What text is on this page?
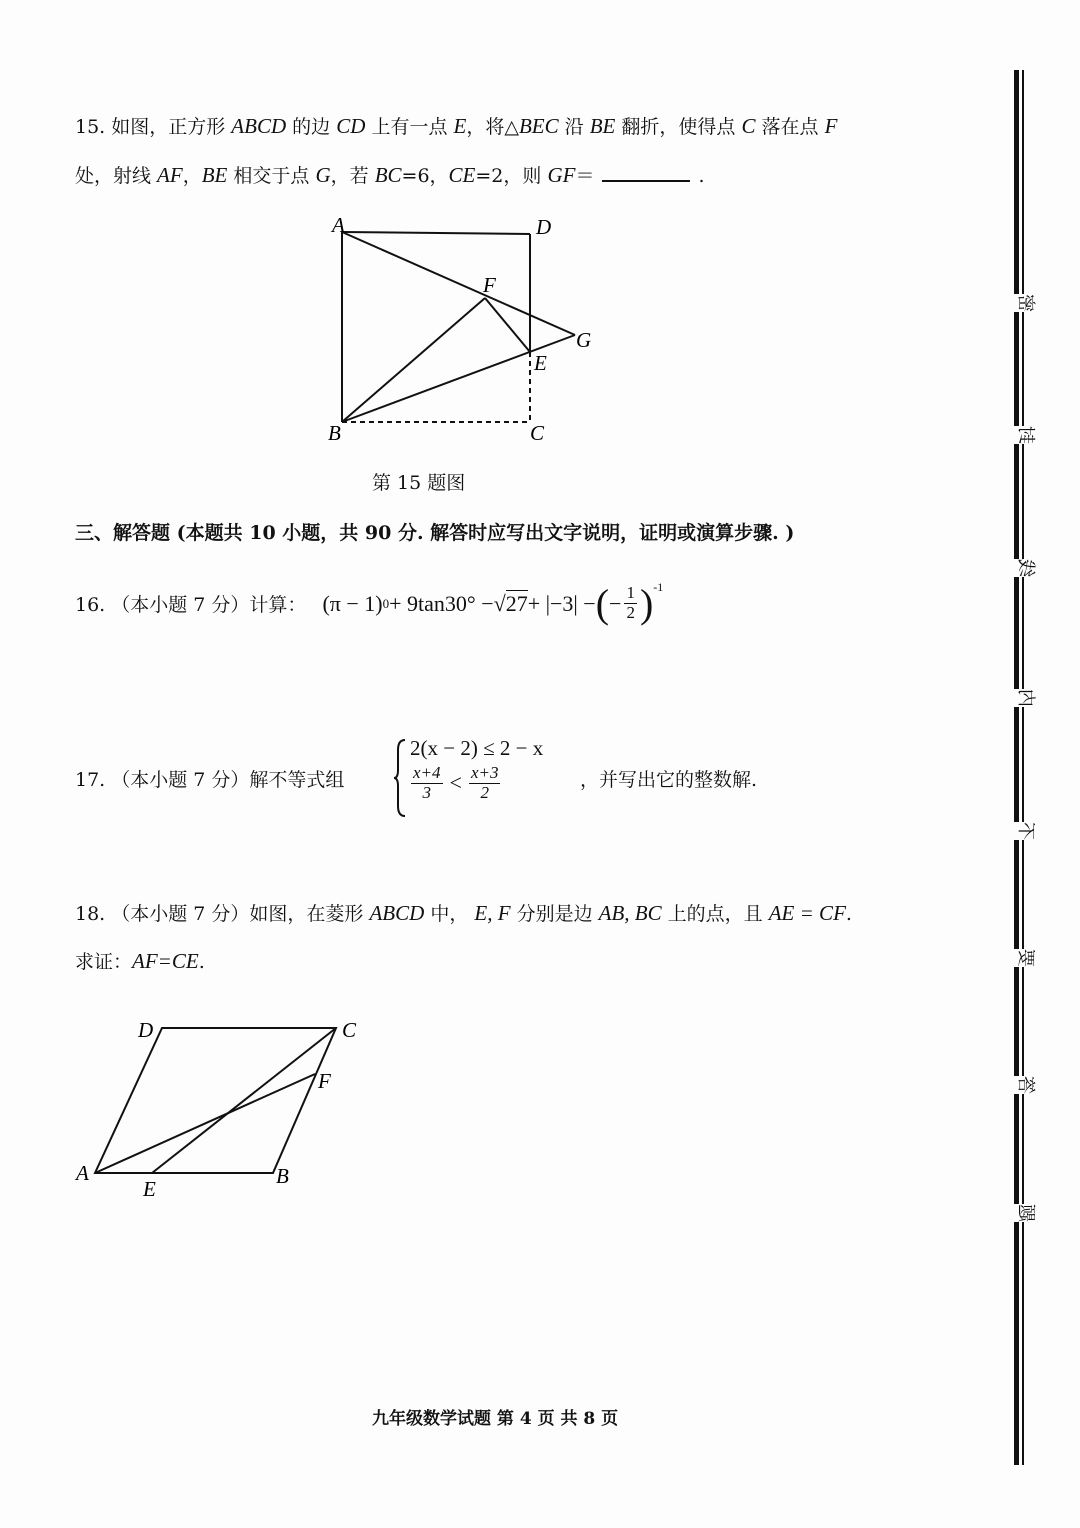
15. 如图，正方形 ABCD 的边 CD 上有一点 E，将△BEC 沿 BE 翻折，使得点 C 落在点 F
处，射线 AF，BE 相交于点 G，若 BC=6，CE=2，则 GF＝	.
A	D
F
G
E
B	C
第 15 题图
三、解答题 (本题共 10 小题，共 90 分. 解答时应写出文字说明，证明或演算步骤. )
16. （本小题 7 分）计算： (π − 1) 0 + 9tan30° − √27 + |−3| − ( − $\frac{1}{2} )^{-1}$
17. （本小题 7 分）解不等式组
2(x − 2) ≤ 2 − x
$\frac{x+4}{3} < \frac{x+3}{2}$	，并写出它的整数解.
18. （本小题 7 分）如图，在菱形 ABCD 中， E, F 分别是边 AB, BC 上的点，且 AE = CF.
求证：AF=CE.
A
E
B
F
C
D
九年级数学试题 第 4 页 共 8 页
密
封
线
内
不
要
答
题
